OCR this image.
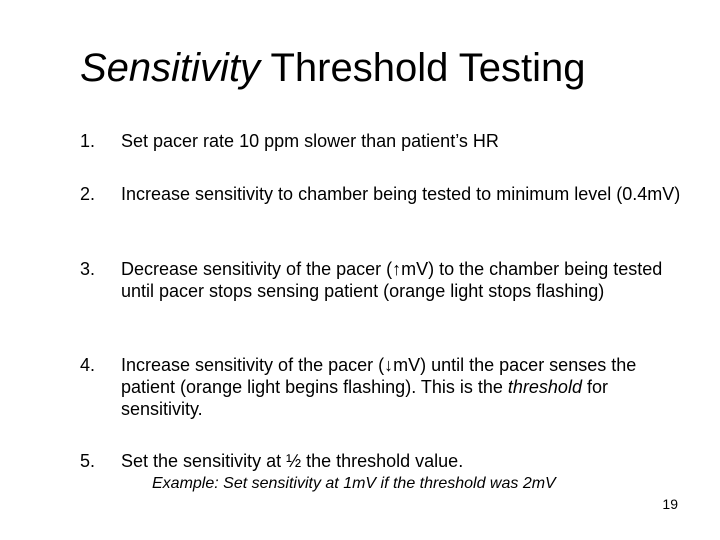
Sensitivity Threshold Testing
1. Set pacer rate 10 ppm slower than patient’s HR
2. Increase sensitivity to chamber being tested to minimum level (0.4mV)
3. Decrease sensitivity of the pacer (↑mV) to the chamber being tested until pacer stops sensing patient (orange light stops flashing)
4. Increase sensitivity of the pacer (↓mV) until the pacer senses the patient (orange light begins flashing). This is the threshold for sensitivity.
5. Set the sensitivity at ½ the threshold value.
Example: Set sensitivity at 1mV if the threshold was 2mV
19
